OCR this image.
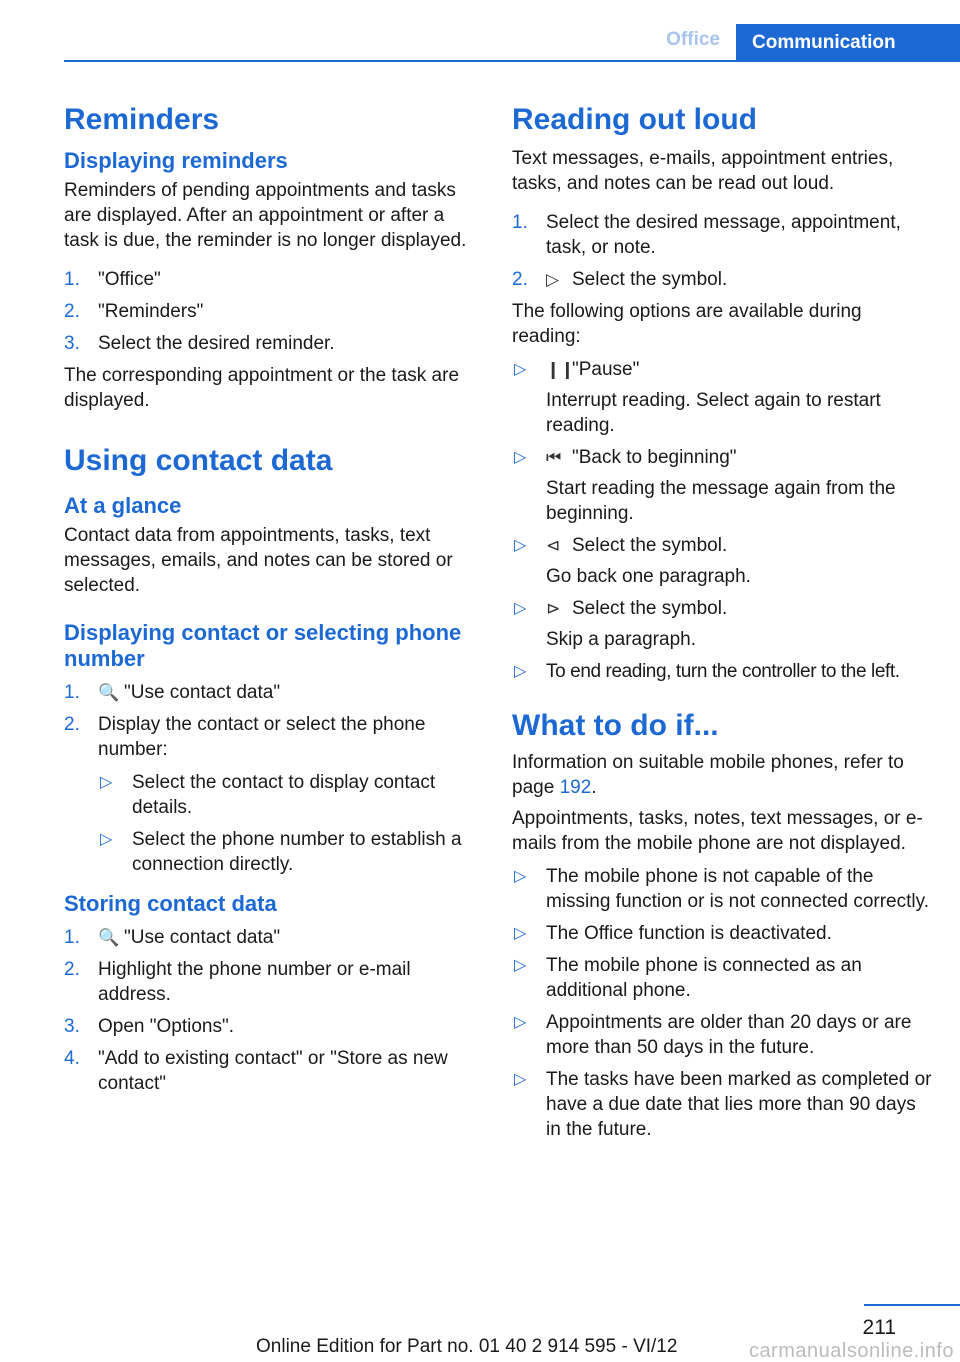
Office	Communication
Reminders
Displaying reminders

Reminders of pending appointments and tasks are displayed. After an appointment or after a task is due, the reminder is no longer displayed.

1. "Office"
2. "Reminders"
3. Select the desired reminder.

The corresponding appointment or the task are displayed.

Using contact data
At a glance

Contact data from appointments, tasks, text messages, emails, and notes can be stored or selected.

Displaying contact or selecting phone number
1. 🔍 "Use contact data"
2. Display the contact or select the phone number:
▷ Select the contact to display contact details.
▷ Select the phone number to establish a connection directly.
Storing contact data
1. 🔍 "Use contact data"
2. Highlight the phone number or e-mail address.
3. Open "Options".
4. "Add to existing contact" or "Store as new contact"
Reading out loud

Text messages, e-mails, appointment entries, tasks, and notes can be read out loud.

1. Select the desired message, appointment, task, or note.
2. ▷ Select the symbol.

The following options are available during reading:

▷ ❙❙"Pause"
Interrupt reading. Select again to restart reading.
▷ ⏮ "Back to beginning"
Start reading the message again from the beginning.
▷ ⊲ Select the symbol.
Go back one paragraph.
▷ ⊳ Select the symbol.
Skip a paragraph.
▷ To end reading, turn the controller to the left.
What to do if...

Information on suitable mobile phones, refer to page 192.

Appointments, tasks, notes, text messages, or e-mails from the mobile phone are not displayed.

▷ The mobile phone is not capable of the missing function or is not connected correctly.
▷ The Office function is deactivated.
▷ The mobile phone is connected as an additional phone.
▷ Appointments are older than 20 days or are more than 50 days in the future.
▷ The tasks have been marked as completed or have a due date that lies more than 90 days in the future.
211
Online Edition for Part no. 01 40 2 914 595 - VI/12	carmanualsonline.info
